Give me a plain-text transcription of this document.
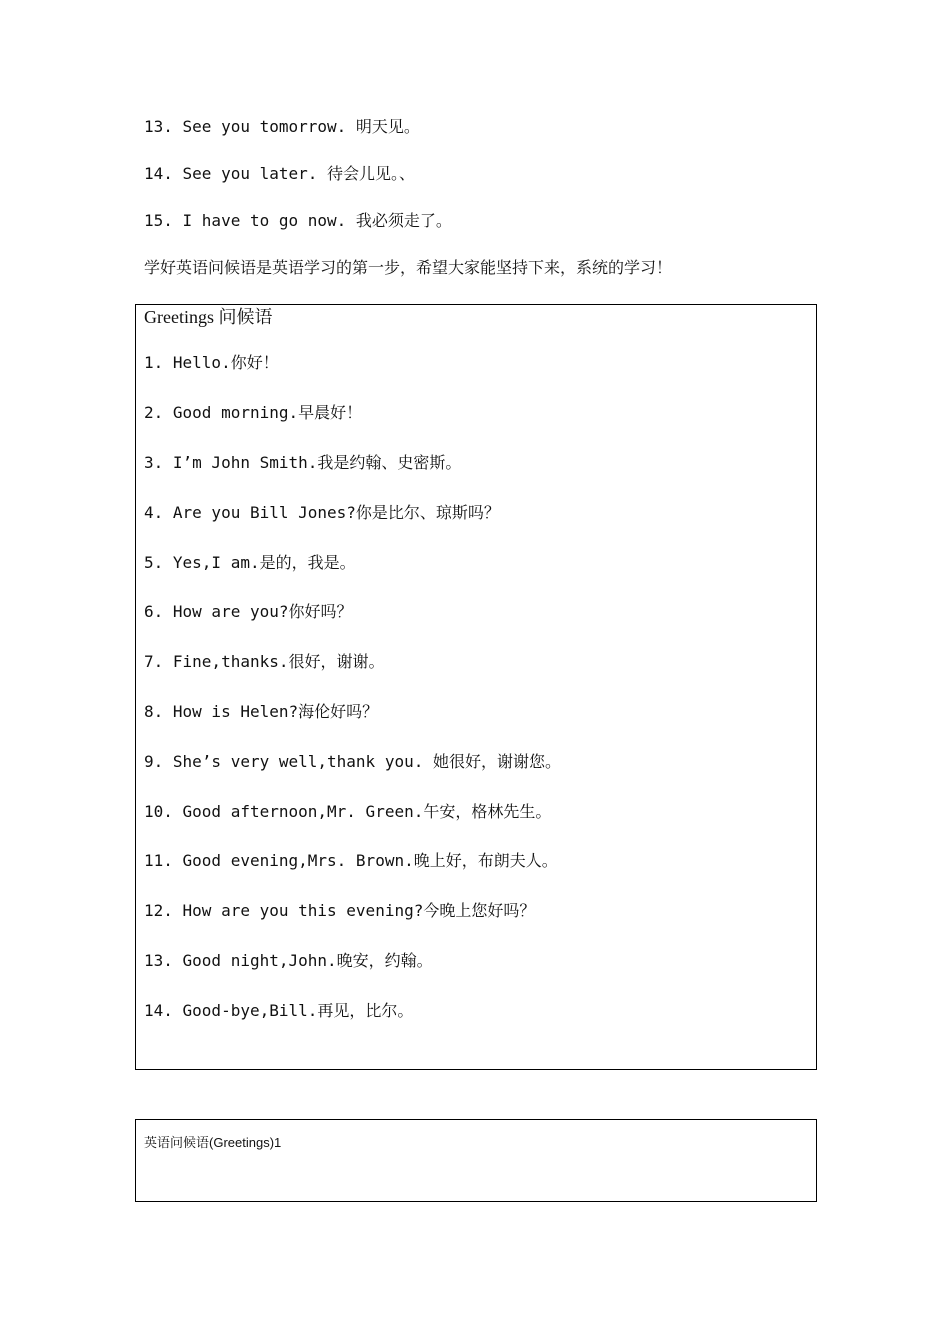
13. See you tomorrow. 明天见。
14. See you later. 待会儿见。、
15. I have to go now. 我必须走了。
学好英语问候语是英语学习的第一步，希望大家能坚持下来，系统的学习！
Greetings 问候语
1. Hello.你好！
2. Good morning.早晨好！
3. I’m John Smith.我是约翰、史密斯。
4. Are you Bill Jones?你是比尔、琼斯吗？
5. Yes,I am.是的，我是。
6. How are you?你好吗？
7. Fine,thanks.很好，谢谢。
8. How is Helen?海伦好吗？
9. She’s very well,thank you. 她很好，谢谢您。
10. Good afternoon,Mr. Green.午安，格林先生。
11. Good evening,Mrs. Brown.晚上好，布朗夫人。
12. How are you this evening?今晚上您好吗？
13. Good night,John.晚安，约翰。
14. Good-bye,Bill.再见，比尔。
英语问候语(Greetings)1
